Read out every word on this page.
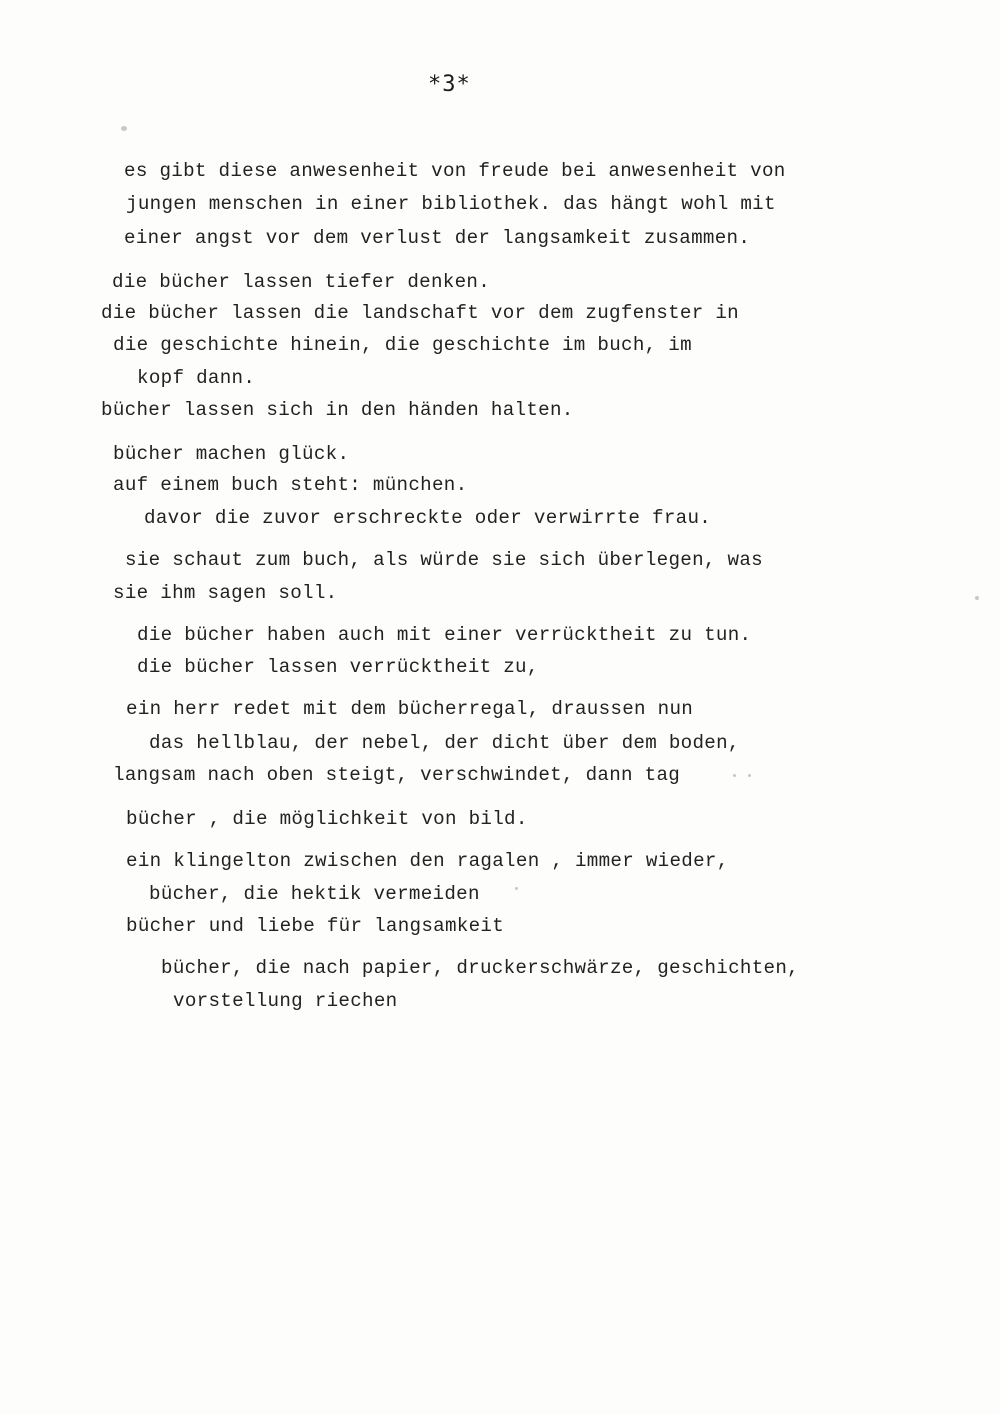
*3*
es gibt diese anwesenheit von freude bei anwesenheit von
jungen menschen in einer bibliothek. das hängt wohl mit
einer angst vor dem verlust der langsamkeit zusammen.
die bücher lassen tiefer denken.
die bücher lassen die landschaft vor dem zugfenster in
die geschichte hinein, die geschichte im buch, im
kopf dann.
bücher lassen sich in den händen halten.
bücher machen glück.
auf einem buch steht: münchen.
davor die zuvor erschreckte oder verwirrte frau.
sie schaut zum buch, als würde sie sich überlegen, was
sie ihm sagen soll.
die bücher haben auch mit einer verrücktheit zu tun.
die bücher lassen verrücktheit zu,
ein herr redet mit dem bücherregal, draussen nun
das hellblau, der nebel, der dicht über dem boden,
langsam nach oben steigt, verschwindet, dann tag
bücher , die möglichkeit von bild.
ein klingelton zwischen den ragalen , immer wieder,
bücher, die hektik vermeiden
bücher und liebe für langsamkeit
bücher, die nach papier, druckerschwärze, geschichten,
vorstellung riechen
